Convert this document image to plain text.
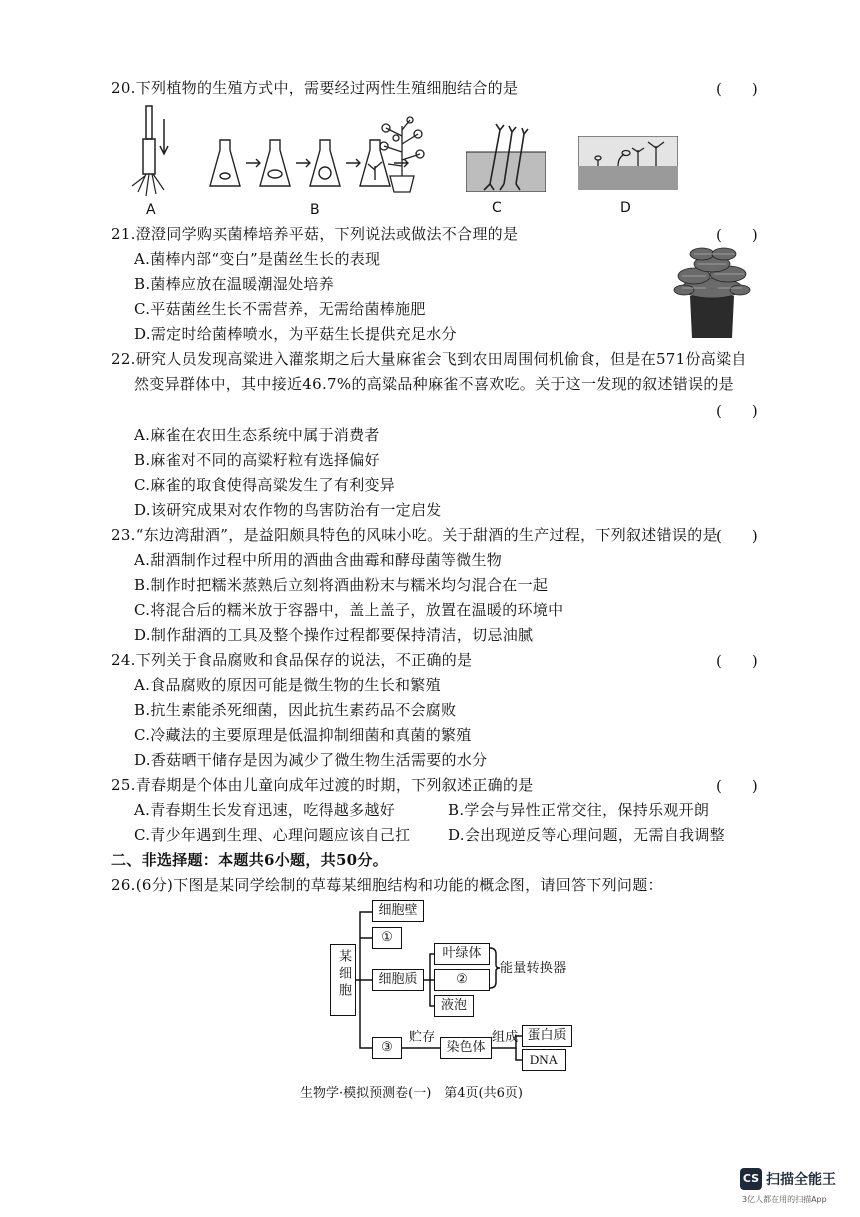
20.下列植物的生殖方式中，需要经过两性生殖细胞结合的是	(　　)
A	B	C	D
21.澄澄同学购买菌棒培养平菇，下列说法或做法不合理的是	(　　)
A.菌棒内部“变白”是菌丝生长的表现
B.菌棒应放在温暖潮湿处培养
C.平菇菌丝生长不需营养，无需给菌棒施肥
D.需定时给菌棒喷水，为平菇生长提供充足水分
22.研究人员发现高粱进入灌浆期之后大量麻雀会飞到农田周围伺机偷食，但是在571份高粱自
然变异群体中，其中接近46.7%的高粱品种麻雀不喜欢吃。关于这一发现的叙述错误的是
(　　)
A.麻雀在农田生态系统中属于消费者
B.麻雀对不同的高粱籽粒有选择偏好
C.麻雀的取食使得高粱发生了有利变异
D.该研究成果对农作物的鸟害防治有一定启发
23.“东边湾甜酒”，是益阳颇具特色的风味小吃。关于甜酒的生产过程，下列叙述错误的是
(　　)
A.甜酒制作过程中所用的酒曲含曲霉和酵母菌等微生物
B.制作时把糯米蒸熟后立刻将酒曲粉末与糯米均匀混合在一起
C.将混合后的糯米放于容器中，盖上盖子，放置在温暖的环境中
D.制作甜酒的工具及整个操作过程都要保持清洁，切忌油腻
24.下列关于食品腐败和食品保存的说法，不正确的是	(　　)
A.食品腐败的原因可能是微生物的生长和繁殖
B.抗生素能杀死细菌，因此抗生素药品不会腐败
C.冷藏法的主要原理是低温抑制细菌和真菌的繁殖
D.香菇晒干储存是因为减少了微生物生活需要的水分
25.青春期是个体由儿童向成年过渡的时期，下列叙述正确的是	(　　)
A.青春期生长发育迅速，吃得越多越好	B.学会与异性正常交往，保持乐观开朗
C.青少年遇到生理、心理问题应该自己扛	D.会出现逆反等心理问题，无需自我调整
二、非选择题：本题共6小题，共50分。
26.(6分)下图是某同学绘制的草莓某细胞结构和功能的概念图，请回答下列问题：
某细胞
细胞壁
①
细胞质
叶绿体
②
液泡
能量转换器
③
贮存
染色体
组成 蛋白质
DNA
生物学·模拟预测卷(一)　第4页(共6页)
CS 扫描全能王
3亿人都在用的扫描App
